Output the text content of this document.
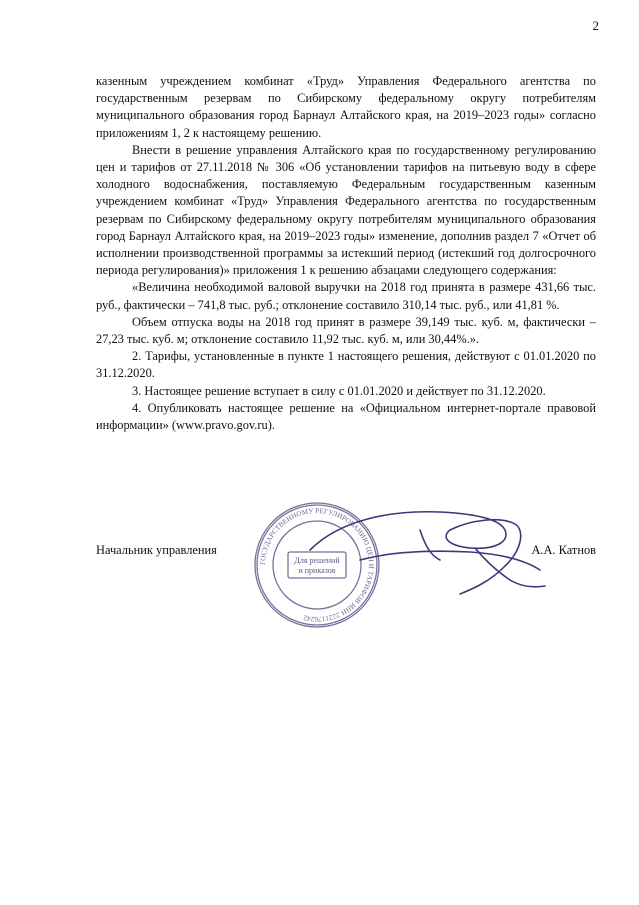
2

казенным учреждением комбинат «Труд» Управления Федерального агентства по государственным резервам по Сибирскому федеральному округу потребителям муниципального образования город Барнаул Алтайского края, на 2019–2023 годы» согласно приложениям 1, 2 к настоящему решению.

Внести в решение управления Алтайского края по государственному регулированию цен и тарифов от 27.11.2018 № 306 «Об установлении тарифов на питьевую воду в сфере холодного водоснабжения, поставляемую Федеральным государственным казенным учреждением комбинат «Труд» Управления Федерального агентства по государственным резервам по Сибирскому федеральному округу потребителям муниципального образования город Барнаул Алтайского края, на 2019–2023 годы» изменение, дополнив раздел 7 «Отчет об исполнении производственной программы за истекший период (истекший год долгосрочного периода регулирования)» приложения 1 к решению абзацами следующего содержания:

«Величина необходимой валовой выручки на 2018 год принята в размере 431,66 тыс. руб., фактически – 741,8 тыс. руб.; отклонение составило 310,14 тыс. руб., или 41,81 %.

Объем отпуска воды на 2018 год принят в размере 39,149 тыс. куб. м, фактически – 27,23 тыс. куб. м; отклонение составило 11,92 тыс. куб. м, или 30,44%.».

2. Тарифы, установленные в пункте 1 настоящего решения, действуют с 01.01.2020 по 31.12.2020.

3. Настоящее решение вступает в силу с 01.01.2020 и действует по 31.12.2020.

4. Опубликовать настоящее решение на «Официальном интернет-портале правовой информации» (www.pravo.gov.ru).

Начальник управления	А.А. Катнов
ГОСУДАРСТВЕННОМУ РЕГУЛИРОВАНИЮ ЦЕН И ТАРИФОВ ИНН 2221176242
Для решений
и приказов
